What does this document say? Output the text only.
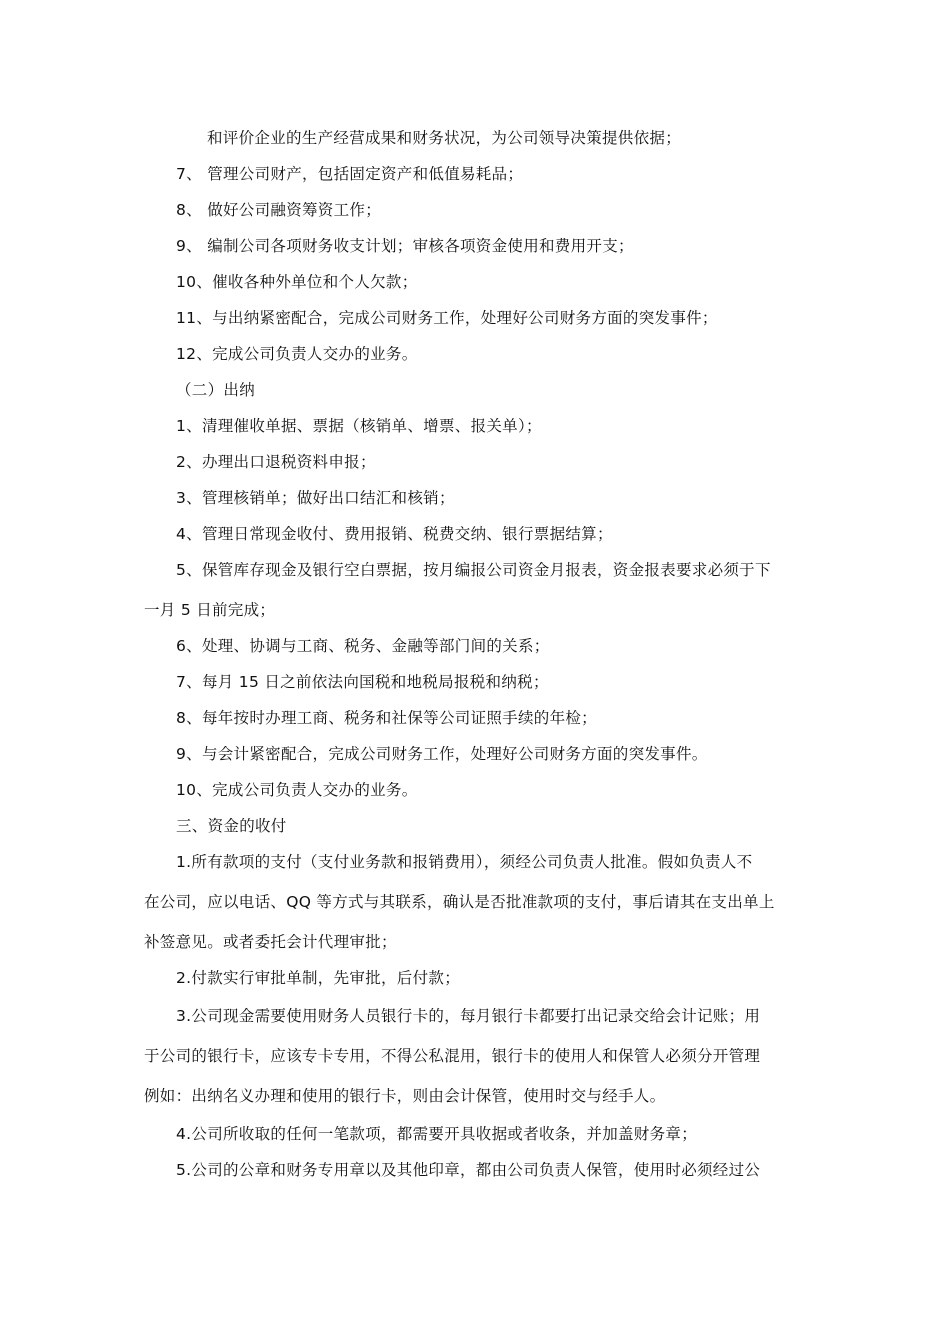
和评价企业的生产经营成果和财务状况，为公司领导决策提供依据；
7、 管理公司财产，包括固定资产和低值易耗品；
8、 做好公司融资筹资工作；
9、 编制公司各项财务收支计划；审核各项资金使用和费用开支；
10、催收各种外单位和个人欠款；
11、与出纳紧密配合，完成公司财务工作，处理好公司财务方面的突发事件；
12、完成公司负责人交办的业务。
（二）出纳
1、清理催收单据、票据（核销单、增票、报关单）；
2、办理出口退税资料申报；
3、管理核销单；做好出口结汇和核销；
4、管理日常现金收付、费用报销、税费交纳、银行票据结算；
5、保管库存现金及银行空白票据，按月编报公司资金月报表，资金报表要求必须于下
一月 5 日前完成；
6、处理、协调与工商、税务、金融等部门间的关系；
7、每月 15 日之前依法向国税和地税局报税和纳税；
8、每年按时办理工商、税务和社保等公司证照手续的年检；
9、与会计紧密配合，完成公司财务工作，处理好公司财务方面的突发事件。
10、完成公司负责人交办的业务。
三、资金的收付
1.所有款项的支付（支付业务款和报销费用），须经公司负责人批准。假如负责人不
在公司，应以电话、QQ 等方式与其联系，确认是否批准款项的支付，事后请其在支出单上
补签意见。或者委托会计代理审批；
2.付款实行审批单制，先审批，后付款；
3.公司现金需要使用财务人员银行卡的，每月银行卡都要打出记录交给会计记账；用
于公司的银行卡，应该专卡专用，不得公私混用，银行卡的使用人和保管人必须分开管理
例如：出纳名义办理和使用的银行卡，则由会计保管，使用时交与经手人。
4.公司所收取的任何一笔款项，都需要开具收据或者收条，并加盖财务章；
5.公司的公章和财务专用章以及其他印章，都由公司负责人保管，使用时必须经过公
